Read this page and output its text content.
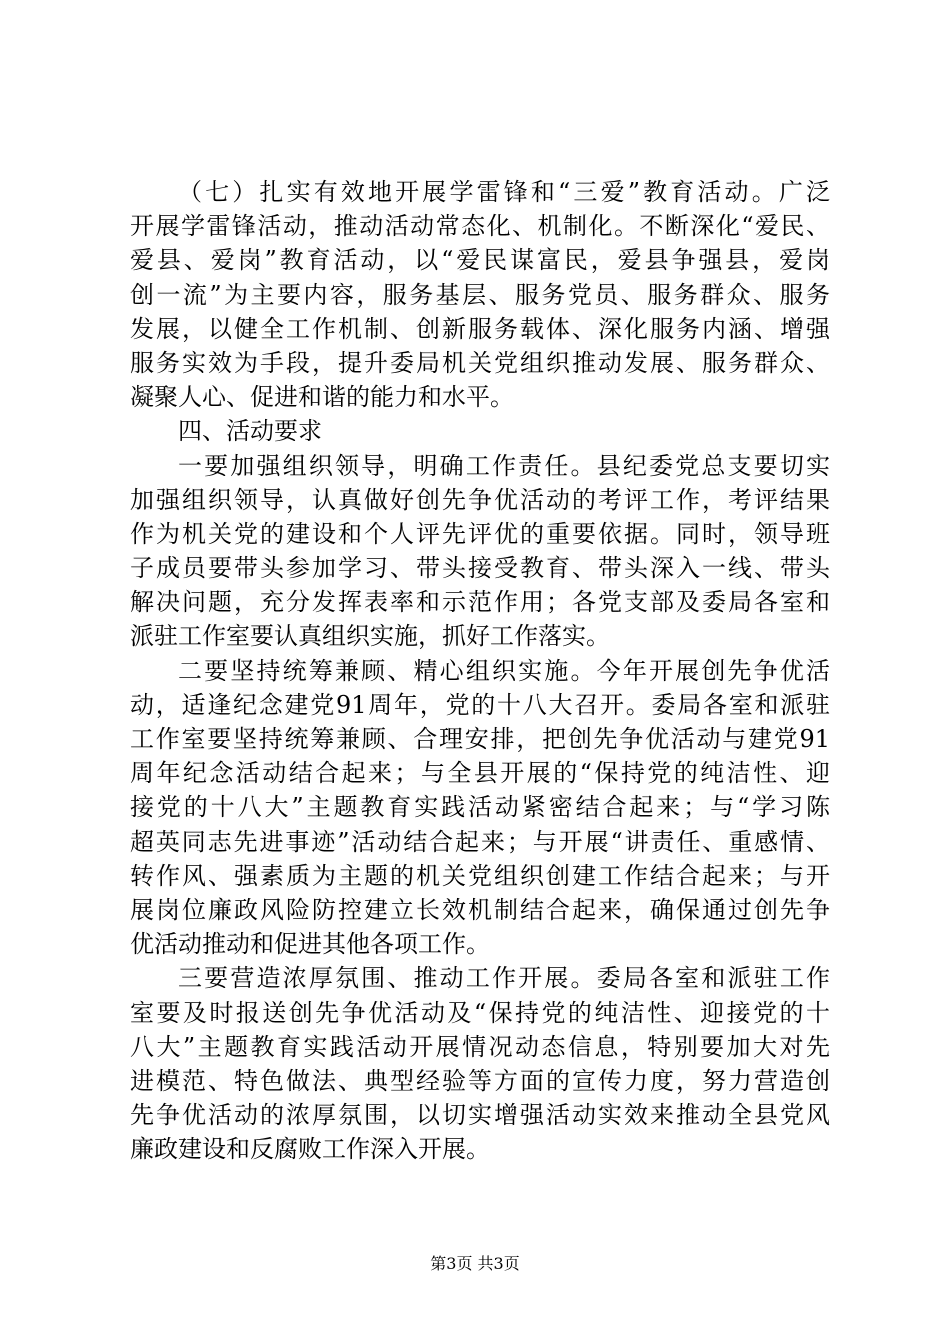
（七）扎实有效地开展学雷锋和“三爱”教育活动。广泛
开展学雷锋活动，推动活动常态化、机制化。不断深化“爱民、
爱县、爱岗”教育活动，以“爱民谋富民，爱县争强县，爱岗
创一流”为主要内容，服务基层、服务党员、服务群众、服务
发展，以健全工作机制、创新服务载体、深化服务内涵、增强
服务实效为手段，提升委局机关党组织推动发展、服务群众、
凝聚人心、促进和谐的能力和水平。
四、活动要求
一要加强组织领导，明确工作责任。县纪委党总支要切实
加强组织领导，认真做好创先争优活动的考评工作，考评结果
作为机关党的建设和个人评先评优的重要依据。同时，领导班
子成员要带头参加学习、带头接受教育、带头深入一线、带头
解决问题，充分发挥表率和示范作用；各党支部及委局各室和
派驻工作室要认真组织实施，抓好工作落实。
二要坚持统筹兼顾、精心组织实施。今年开展创先争优活
动，适逢纪念建党91周年，党的十八大召开。委局各室和派驻
工作室要坚持统筹兼顾、合理安排，把创先争优活动与建党91
周年纪念活动结合起来；与全县开展的“保持党的纯洁性、迎
接党的十八大”主题教育实践活动紧密结合起来；与“学习陈
超英同志先进事迹”活动结合起来；与开展“讲责任、重感情、
转作风、强素质为主题的机关党组织创建工作结合起来；与开
展岗位廉政风险防控建立长效机制结合起来，确保通过创先争
优活动推动和促进其他各项工作。
三要营造浓厚氛围、推动工作开展。委局各室和派驻工作
室要及时报送创先争优活动及“保持党的纯洁性、迎接党的十
八大”主题教育实践活动开展情况动态信息，特别要加大对先
进模范、特色做法、典型经验等方面的宣传力度，努力营造创
先争优活动的浓厚氛围，以切实增强活动实效来推动全县党风
廉政建设和反腐败工作深入开展。
第3页 共3页
